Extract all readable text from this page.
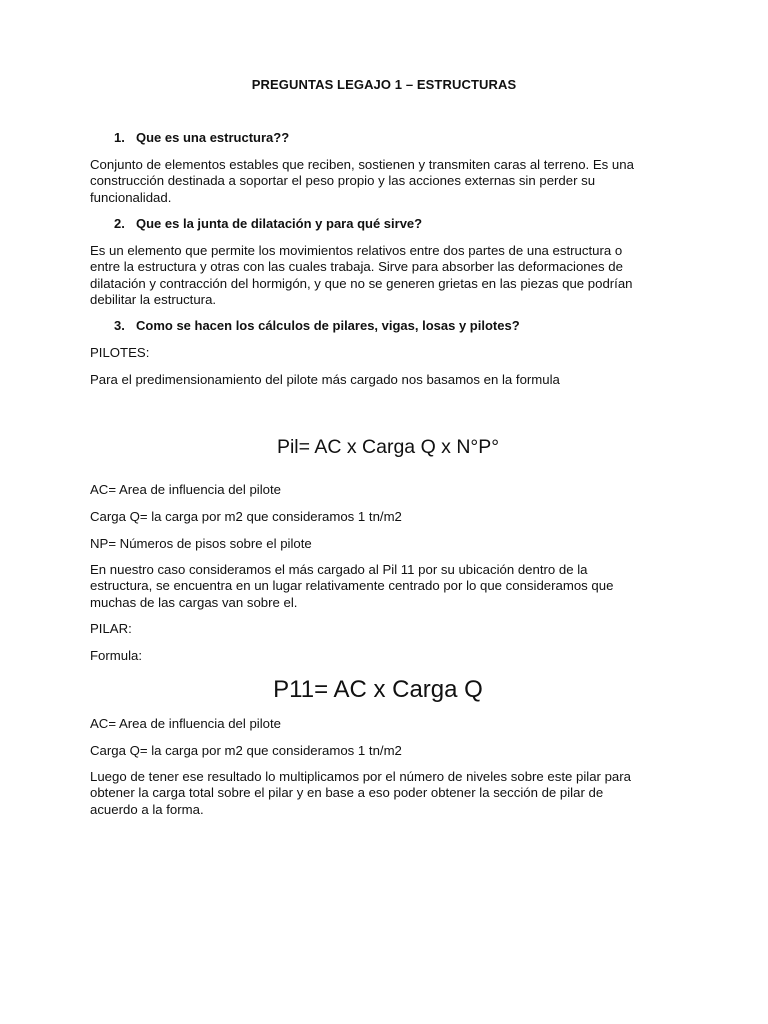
PREGUNTAS LEGAJO 1 – ESTRUCTURAS
1. Que es una estructura??
Conjunto de elementos estables que reciben, sostienen y transmiten caras al terreno. Es una
construcción destinada a soportar el peso propio y las acciones externas sin perder su
funcionalidad.
2. Que es la junta de dilatación y para qué sirve?
Es un elemento que permite los movimientos relativos entre dos partes de una estructura o
entre la estructura y otras con las cuales trabaja. Sirve para absorber las deformaciones de
dilatación y contracción del hormigón, y que no se generen grietas en las piezas que podrían
debilitar la estructura.
3. Como se hacen los cálculos de pilares, vigas, losas y pilotes?
PILOTES:
Para el predimensionamiento del pilote más cargado nos basamos en la formula
Pil= AC x Carga Q x N°P°
AC= Area de influencia del pilote
Carga Q= la carga por m2 que consideramos 1 tn/m2
NP= Números de pisos sobre el pilote
En nuestro caso consideramos el más cargado al Pil 11 por su ubicación dentro de la
estructura, se encuentra en un lugar relativamente centrado por lo que consideramos que
muchas de las cargas van sobre el.
PILAR:
Formula:
P11= AC x Carga Q
AC= Area de influencia del pilote
Carga Q= la carga por m2 que consideramos 1 tn/m2
Luego de tener ese resultado lo multiplicamos por el número de niveles sobre este pilar para
obtener la carga total sobre el pilar y en base a eso poder obtener la sección de pilar de
acuerdo a la forma.
